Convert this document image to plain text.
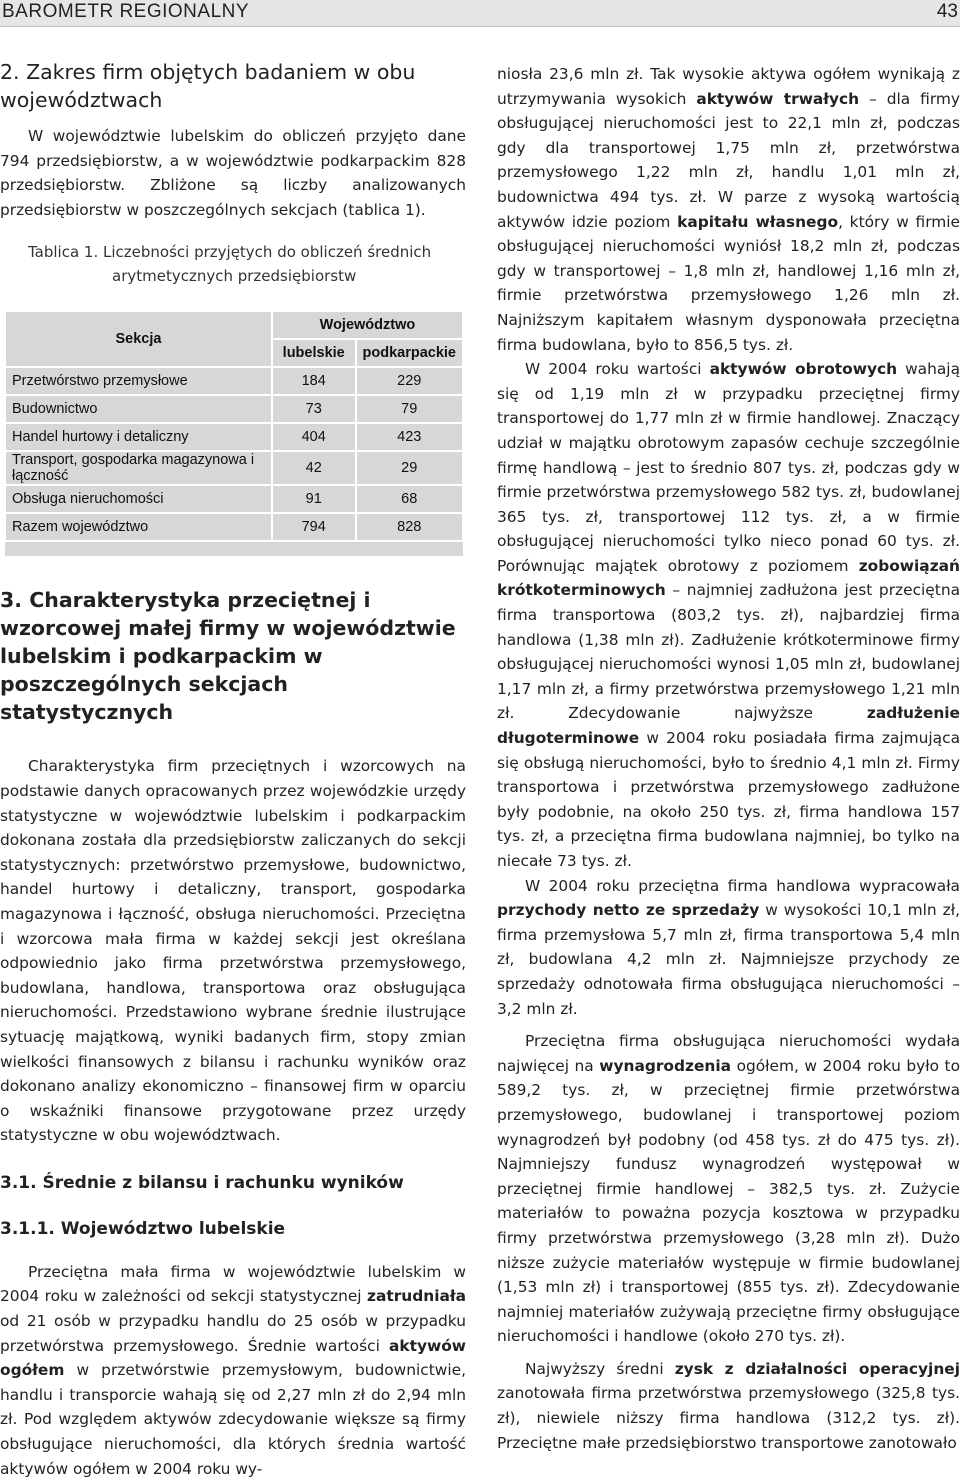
BAROMETR REGIONALNY	43
2. Zakres firm objętych badaniem w obu województwach

W województwie lubelskim do obliczeń przyjęto dane 794 przedsiębiorstw, a w województwie podkarpackim 828 przedsiębiorstw. Zbliżone są liczby analizowanych przedsiębiorstw w poszczególnych sekcjach (tablica 1).

Tablica 1. Liczebności przyjętych do obliczeń średnich
arytmetycznych przedsiębiorstw
Sekcja	Województwo	
	lubelskie	podkarpackie
Przetwórstwo przemysłowe	184	229
Budownictwo	73	79
Handel hurtowy i detaliczny	404	423
Transport, gospodarka magazynowa i łączność	42	29
Obsługa nieruchomości	91	68
Razem województwo	794	828

3. Charakterystyka przeciętnej i wzorcowej małej firmy w województwie lubelskim i podkarpackim w poszczególnych sekcjach statystycznych

Charakterystyka firm przeciętnych i wzorcowych na podstawie danych opracowanych przez wojewódzkie urzędy statystyczne w województwie lubelskim i podkarpackim dokonana została dla przedsiębiorstw zaliczanych do sekcji statystycznych: przetwórstwo przemysłowe, budownictwo, handel hurtowy i detaliczny, transport, gospodarka magazynowa i łączność, obsługa nieruchomości. Przeciętna i wzorcowa mała firma w każdej sekcji jest określana odpowiednio jako firma przetwórstwa przemysłowego, budowlana, handlowa, transportowa oraz obsługująca nieruchomości. Przedstawiono wybrane średnie ilustrujące sytuację majątkową, wyniki badanych firm, stopy zmian wielkości finansowych z bilansu i rachunku wyników oraz dokonano analizy ekonomiczno – finansowej firm w oparciu o wskaźniki finansowe przygotowane przez urzędy statystyczne w obu województwach.

3.1. Średnie z bilansu i rachunku wyników
3.1.1. Województwo lubelskie

Przeciętna mała firma w województwie lubelskim w 2004 roku w zależności od sekcji statystycznej zatrudniała od 21 osób w przypadku handlu do 25 osób w przypadku przetwórstwa przemysłowego. Średnie wartości aktywów ogółem w przetwórstwie przemysłowym, budownictwie, handlu i transporcie wahają się od 2,27 mln zł do 2,94 mln zł. Pod względem aktywów zdecydowanie większe są firmy obsługujące nieruchomości, dla których średnia wartość aktywów ogółem w 2004 roku wy-

niosła 23,6 mln zł. Tak wysokie aktywa ogółem wynikają z utrzymywania wysokich aktywów trwałych – dla firmy obsługującej nieruchomości jest to 22,1 mln zł, podczas gdy dla transportowej 1,75 mln zł, przetwórstwa przemysłowego 1,22 mln zł, handlu 1,01 mln zł, budownictwa 494 tys. zł. W parze z wysoką wartością aktywów idzie poziom kapitału własnego, który w firmie obsługującej nieruchomości wyniósł 18,2 mln zł, podczas gdy w transportowej – 1,8 mln zł, handlowej 1,16 mln zł, firmie przetwórstwa przemysłowego 1,26 mln zł. Najniższym kapitałem własnym dysponowała przeciętna firma budowlana, było to 856,5 tys. zł.

W 2004 roku wartości aktywów obrotowych wahają się od 1,19 mln zł w przypadku przeciętnej firmy transportowej do 1,77 mln zł w firmie handlowej. Znaczący udział w majątku obrotowym zapasów cechuje szczególnie firmę handlową – jest to średnio 807 tys. zł, podczas gdy w firmie przetwórstwa przemysłowego 582 tys. zł, budowlanej 365 tys. zł, transportowej 112 tys. zł, a w firmie obsługującej nieruchomości tylko nieco ponad 60 tys. zł. Porównując majątek obrotowy z poziomem zobowiązań krótkoterminowych – najmniej zadłużona jest przeciętna firma transportowa (803,2 tys. zł), najbardziej firma handlowa (1,38 mln zł). Zadłużenie krótkoterminowe firmy obsługującej nieruchomości wynosi 1,05 mln zł, budowlanej 1,17 mln zł, a firmy przetwórstwa przemysłowego 1,21 mln zł. Zdecydowanie najwyższe zadłużenie długoterminowe w 2004 roku posiadała firma zajmująca się obsługą nieruchomości, było to średnio 4,1 mln zł. Firmy transportowa i przetwórstwa przemysłowego zadłużone były podobnie, na około 250 tys. zł, firma handlowa 157 tys. zł, a przeciętna firma budowlana najmniej, bo tylko na niecałe 73 tys. zł.

W 2004 roku przeciętna firma handlowa wypracowała przychody netto ze sprzedaży w wysokości 10,1 mln zł, firma przemysłowa 5,7 mln zł, firma transportowa 5,4 mln zł, budowlana 4,2 mln zł. Najmniejsze przychody ze sprzedaży odnotowała firma obsługująca nieruchomości – 3,2 mln zł.

Przeciętna firma obsługująca nieruchomości wydała najwięcej na wynagrodzenia ogółem, w 2004 roku było to 589,2 tys. zł, w przeciętnej firmie przetwórstwa przemysłowego, budowlanej i transportowej poziom wynagrodzeń był podobny (od 458 tys. zł do 475 tys. zł). Najmniejszy fundusz wynagrodzeń występował w przeciętnej firmie handlowej – 382,5 tys. zł. Zużycie materiałów to poważna pozycja kosztowa w przypadku firmy przetwórstwa przemysłowego (3,28 mln zł). Dużo niższe zużycie materiałów występuje w firmie budowlanej (1,53 mln zł) i transportowej (855 tys. zł). Zdecydowanie najmniej materiałów zużywają przeciętne firmy obsługujące nieruchomości i handlowe (około 270 tys. zł).

Najwyższy średni zysk z działalności operacyjnej zanotowała firma przetwórstwa przemysłowego (325,8 tys. zł), niewiele niższy firma handlowa (312,2 tys. zł). Przeciętne małe przedsiębiorstwo transportowe zanotowało
